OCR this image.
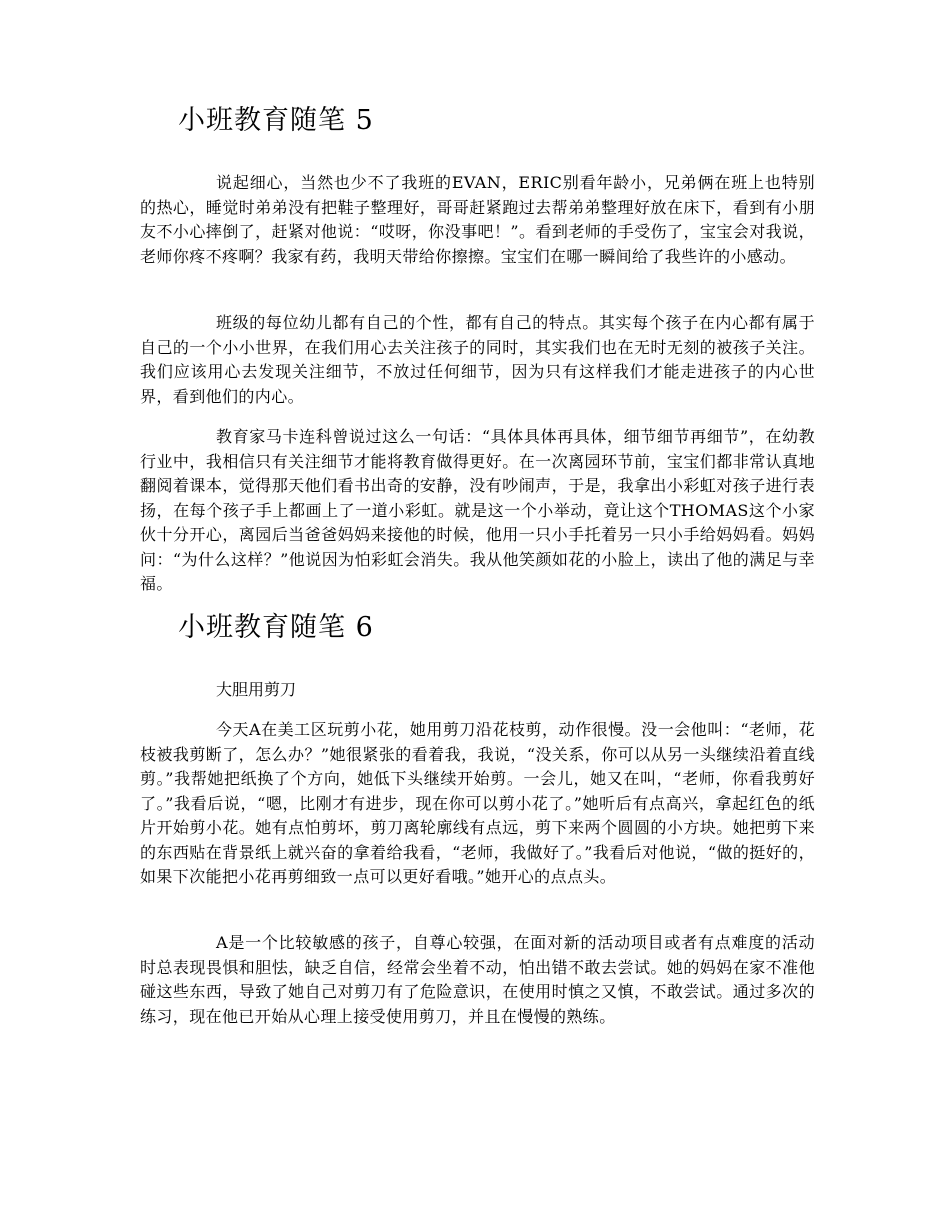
小班教育随笔 5

说起细心，当然也少不了我班的EVAN，ERIC别看年龄小，兄弟俩在班上也特别的热心，睡觉时弟弟没有把鞋子整理好，哥哥赶紧跑过去帮弟弟整理好放在床下，看到有小朋友不小心摔倒了，赶紧对他说：“哎呀，你没事吧！”。看到老师的手受伤了，宝宝会对我说，老师你疼不疼啊？我家有药，我明天带给你擦擦。宝宝们在哪一瞬间给了我些许的小感动。

班级的每位幼儿都有自己的个性，都有自己的特点。其实每个孩子在内心都有属于自己的一个小小世界，在我们用心去关注孩子的同时，其实我们也在无时无刻的被孩子关注。我们应该用心去发现关注细节，不放过任何细节，因为只有这样我们才能走进孩子的内心世界，看到他们的内心。

教育家马卡连科曾说过这么一句话：“具体具体再具体，细节细节再细节”，在幼教行业中，我相信只有关注细节才能将教育做得更好。在一次离园环节前，宝宝们都非常认真地翻阅着课本，觉得那天他们看书出奇的安静，没有吵闹声，于是，我拿出小彩虹对孩子进行表扬，在每个孩子手上都画上了一道小彩虹。就是这一个小举动，竟让这个THOMAS这个小家伙十分开心，离园后当爸爸妈妈来接他的时候，他用一只小手托着另一只小手给妈妈看。妈妈问：“为什么这样？”他说因为怕彩虹会消失。我从他笑颜如花的小脸上，读出了他的满足与幸福。

小班教育随笔 6

大胆用剪刀

今天A在美工区玩剪小花，她用剪刀沿花枝剪，动作很慢。没一会他叫：“老师，花枝被我剪断了，怎么办？”她很紧张的看着我，我说，“没关系，你可以从另一头继续沿着直线剪。”我帮她把纸换了个方向，她低下头继续开始剪。一会儿，她又在叫，“老师，你看我剪好了。”我看后说，“嗯，比刚才有进步，现在你可以剪小花了。”她听后有点高兴，拿起红色的纸片开始剪小花。她有点怕剪坏，剪刀离轮廓线有点远，剪下来两个圆圆的小方块。她把剪下来的东西贴在背景纸上就兴奋的拿着给我看，“老师，我做好了。”我看后对他说，“做的挺好的，如果下次能把小花再剪细致一点可以更好看哦。”她开心的点点头。

A是一个比较敏感的孩子，自尊心较强，在面对新的活动项目或者有点难度的活动时总表现畏惧和胆怯，缺乏自信，经常会坐着不动，怕出错不敢去尝试。她的妈妈在家不准他碰这些东西，导致了她自己对剪刀有了危险意识，在使用时慎之又慎，不敢尝试。通过多次的练习，现在他已开始从心理上接受使用剪刀，并且在慢慢的熟练。
